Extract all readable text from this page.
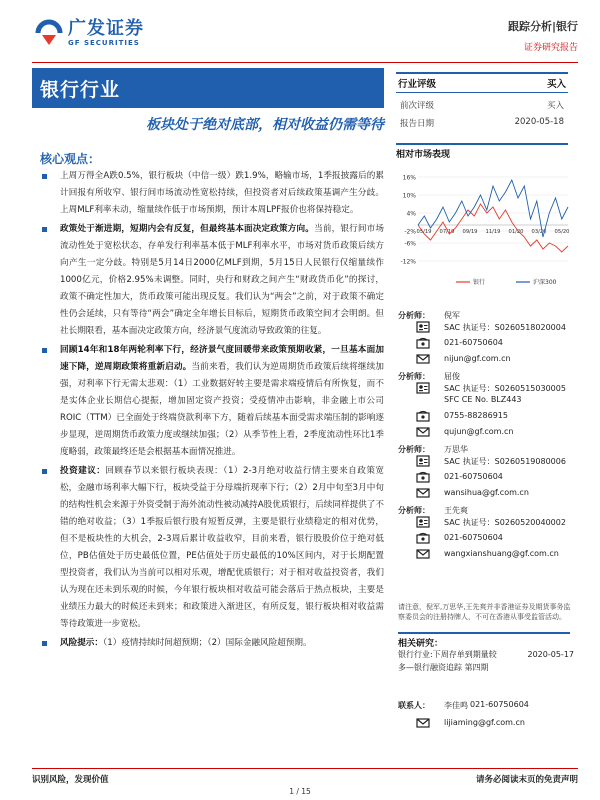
广发证券
GF SECURITIES
跟踪分析|银行
证券研究报告
银行行业
板块处于绝对底部，相对收益仍需等待
核心观点：
上周万得全A跌0.5%，银行板块（中信一级）跌1.9%，略输市场，1季报披露后的累计回报有所收窄、银行间市场流动性宽松持续，但投资者对后续政策基调产生分歧。上周MLF利率未动，缩量续作低于市场预期，预计本周LPF报价也将保持稳定。
政策处于渐进期，短期内会有反复，但最终基本面决定政策方向。当前，银行间市场流动性处于宽松状态，存单发行利率基本低于MLF利率水平，市场对货币政策后续方向产生一定分歧。特别是5月14日2000亿MLF到期，5月15日人民银行仅缩量续作1000亿元，价格2.95%未调整。同时，央行和财政之间产生“财政货币化”的探讨，政策不确定性加大，货币政策可能出现反复。我们认为“两会”之前，对于政策不确定性仍会延续，只有等待“两会”确定全年增长目标后，短期货币政策空间才会明朗。但社长期限看，基本面决定政策方向，经济景气度流动导致政策的往复。
回顾14年和18年两轮利率下行，经济景气度回暖带来政策预期收紧，一旦基本面加速下降，逆周期政策将重新启动。当前来看，我们认为逆周期货币政策后续将继续加强，对利率下行无需太悲观：（1）工业数据好转主要是需求端疫情后有所恢复，而不是实体企业长期信心提振，增加固定资产投资；受疫情冲击影响，非金融上市公司ROIC（TTM）已全面处于终端贷款利率下方，随着后续基本面受需求端压制的影响逐步显现，逆周期货币政策力度或继续加强；（2）从季节性上看，2季度流动性环比1季度略弱，政策最终还是会根据基本面情况推进。
投资建议：回顾春节以来银行板块表现：（1）2-3月绝对收益行情主要来自政策宽松，金融市场利率大幅下行，板块受益于分母端折现率下行；（2）2月中旬至3月中旬的结构性机会来源于外资受制于海外流动性被动减持A股优质银行，后续同样提供了不错的绝对收益；（3）1季报后银行股有短暂反弹，主要是银行业绩稳定的相对优势，但不是板块性的大机会，2-3周后累计收益收窄，目前来看，银行股股价位于绝对低位，PB估值处于历史最低位置，PE估值处于历史最低的10%区间内，对于长期配置型投资者，我们认为当前可以相对乐观，增配优质银行；对于相对收益投资者，我们认为现在还未到乐观的时候，今年银行板块相对收益可能会落后于热点板块，主要是业绩压力最大的时候还未到来；和政策进入渐进区，有所反复，银行板块相对收益需等待政策进一步宽松。
风险提示：（1）疫情持续时间超预期；（2）国际金融风险超预期。
行业评级	买入
前次评级	买入
报告日期	2020-05-18
相对市场表现
16%
10%
4%
-2%
-6%
-12%
05/19 07/19 09/19 11/19 01/20 03/20 05/20
银行	沪深300
分析师： 倪军
SAC 执证号：S0260518020004
021-60750604
nijun@gf.com.cn
分析师： 屈俊
SAC 执证号：S0260515030005
SFC CE No. BLZ443
0755-88286915
qujun@gf.com.cn
分析师： 万思华
SAC 执证号：S0260519080006
021-60750604
wansihua@gf.com.cn
分析师： 王先爽
SAC 执证号：S0260520040002
021-60750604
wangxianshuang@gf.com.cn
请注意，倪军,万思华,王先爽并非香港证券及期货事务监察委员会的注册持牌人，不可在香港从事受监管活动。
相关研究：
银行行业:下周存单到期量较	2020-05-17
多—银行融资追踪 第四期
联系人： 李佳鸣 021-60750604
lijiaming@gf.com.cn
识别风险，发现价值	请务必阅读末页的免责声明
1 / 15
